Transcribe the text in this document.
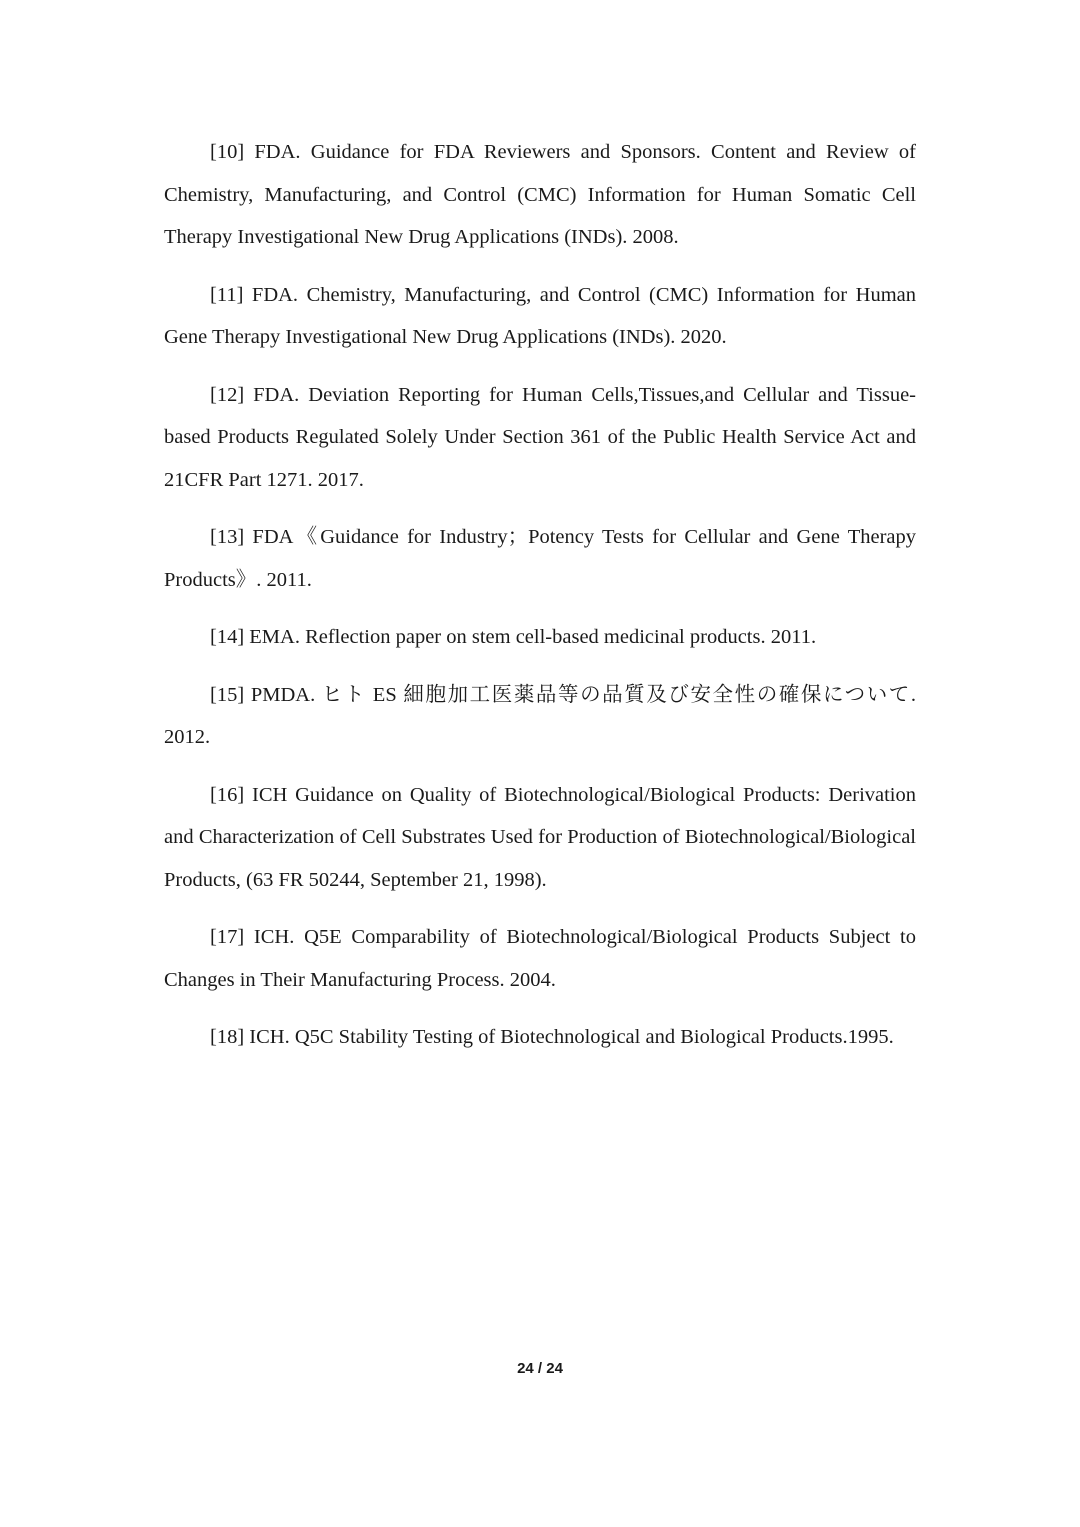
[10] FDA. Guidance for FDA Reviewers and Sponsors. Content and Review of Chemistry, Manufacturing, and Control (CMC) Information for Human Somatic Cell Therapy Investigational New Drug Applications (INDs). 2008.

[11] FDA. Chemistry, Manufacturing, and Control (CMC) Information for Human Gene Therapy Investigational New Drug Applications (INDs). 2020.

[12] FDA. Deviation Reporting for Human Cells,Tissues,and Cellular and Tissue-based Products Regulated Solely Under Section 361 of the Public Health Service Act and 21CFR Part 1271. 2017.

[13] FDA《Guidance for Industry；Potency Tests for Cellular and Gene Therapy Products》. 2011.

[14] EMA. Reflection paper on stem cell-based medicinal products. 2011.

[15] PMDA. ヒト ES 細胞加工医薬品等の品質及び安全性の確保について. 2012.

[16] ICH Guidance on Quality of Biotechnological/Biological Products: Derivation and Characterization of Cell Substrates Used for Production of Biotechnological/Biological Products, (63 FR 50244, September 21, 1998).

[17] ICH. Q5E Comparability of Biotechnological/Biological Products Subject to Changes in Their Manufacturing Process. 2004.

[18] ICH. Q5C Stability Testing of Biotechnological and Biological Products.1995.

24 / 24
